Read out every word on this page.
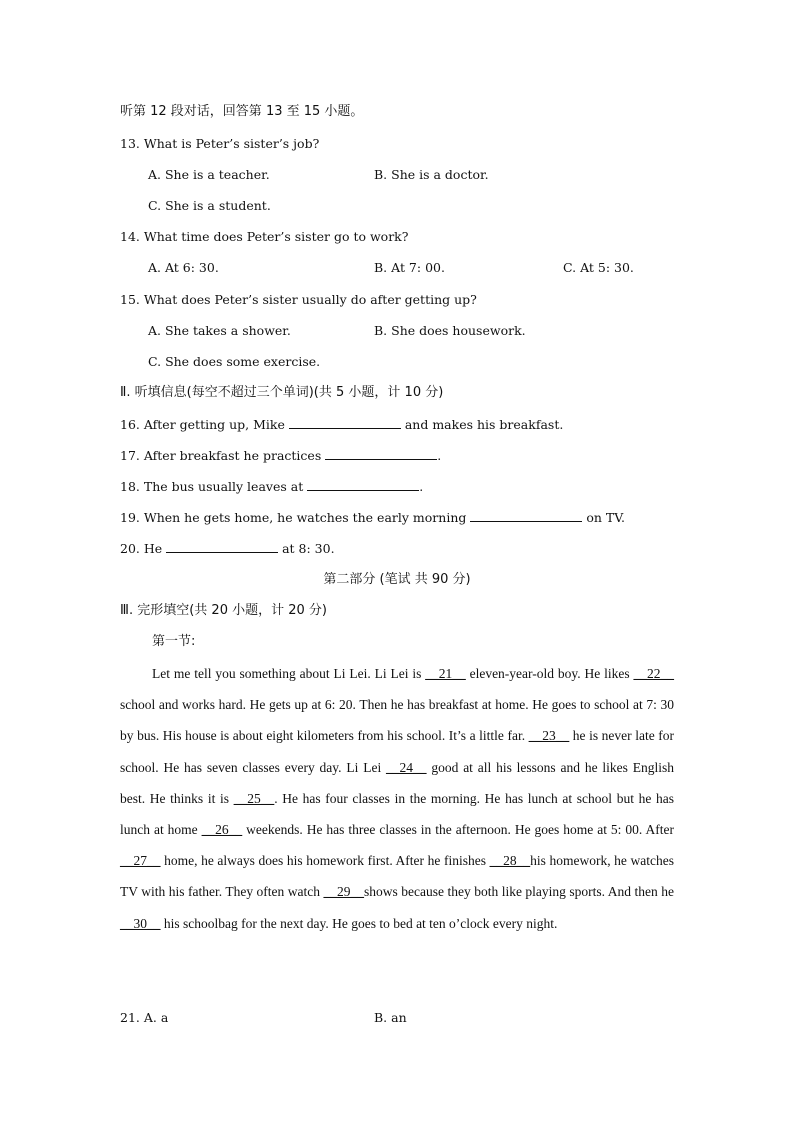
听第 12 段对话，回答第 13 至 15 小题。
13. What is Peter’s sister’s job?
A. She is a teacher.	B. She is a doctor.
C. She is a student.
14. What time does Peter’s sister go to work?
A. At 6: 30.	B. At 7: 00.	C. At 5: 30.
15. What does Peter’s sister usually do after getting up?
A. She takes a shower.	B. She does housework.
C. She does some exercise.
Ⅱ. 听填信息(每空不超过三个单词)(共 5 小题，计 10 分)
16. After getting up, Mike	and makes his breakfast.
17. After breakfast he practices	.
18. The bus usually leaves at	.
19. When he gets home, he watches the early morning	on TV.
20. He	at 8: 30.
第二部分 (笔试 共 90 分)
Ⅲ. 完形填空(共 20 小题，计 20 分)
第一节:
Let me tell you something about Li Lei. Li Lei is __21__ eleven-year-old boy. He likes __22__ school and works hard. He gets up at 6: 20. Then he has breakfast at home. He goes to school at 7: 30 by bus. His house is about eight kilometers from his school. It’s a little far. __23__ he is never late for school. He has seven classes every day. Li Lei __24__ good at all his lessons and he likes English best. He thinks it is __25__. He has four classes in the morning. He has lunch at school but he has lunch at home __26__ weekends. He has three classes in the afternoon. He goes home at 5: 00. After __27__ home, he always does his homework first. After he finishes __28__his homework, he watches TV with his father. They often watch __29__shows because they both like playing sports. And then he __30__ his schoolbag for the next day. He goes to bed at ten o’clock every night.
21. A. a	B. an
